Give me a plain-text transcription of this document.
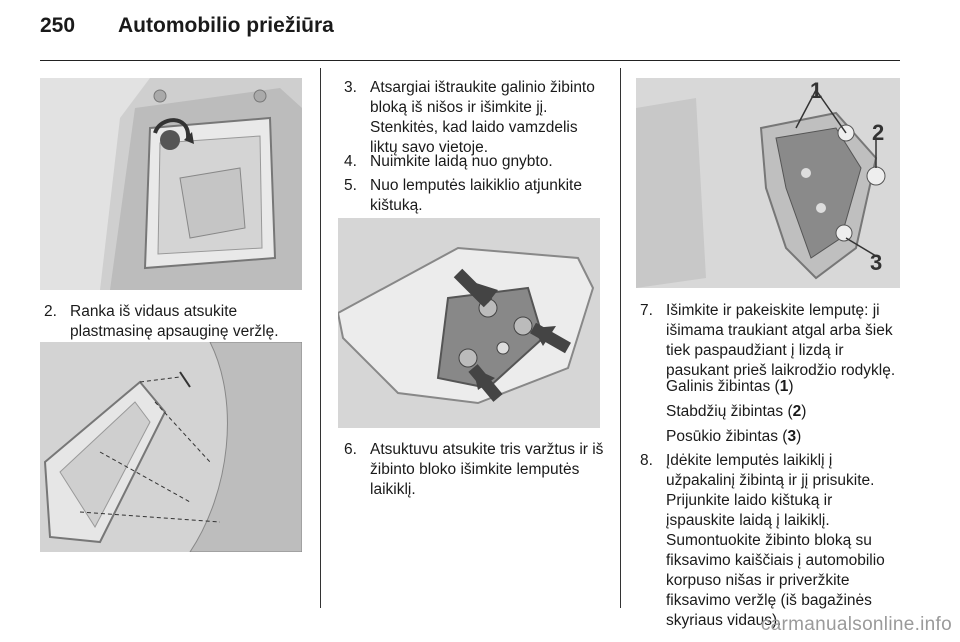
250	Automobilio priežiūra
2. Ranka iš vidaus atsukite plastmasinę apsauginę veržlę.
3. Atsargiai ištraukite galinio žibinto bloką iš nišos ir išimkite jį. Stenkitės, kad laido vamzdelis liktų savo vietoje.
4. Nuimkite laidą nuo gnybto.
5. Nuo lemputės laikiklio atjunkite kištuką.
6. Atsuktuvu atsukite tris varžtus ir iš žibinto bloko išimkite lemputės laikiklį.
1
2
3
7. Išimkite ir pakeiskite lemputę: ji išimama traukiant atgal arba šiek tiek paspaudžiant į lizdą ir pasukant prieš laikrodžio rodyklę.
Galinis žibintas (1)
Stabdžių žibintas (2)
Posūkio žibintas (3)
8. Įdėkite lemputės laikiklį į užpakalinį žibintą ir jį prisukite. Prijunkite laido kištuką ir įspauskite laidą į laikiklį. Sumontuokite žibinto bloką su fiksavimo kaiščiais į automobilio korpuso nišas ir priveržkite fiksavimo veržlę (iš bagažinės skyriaus vidaus).
carmanualsonline.info
